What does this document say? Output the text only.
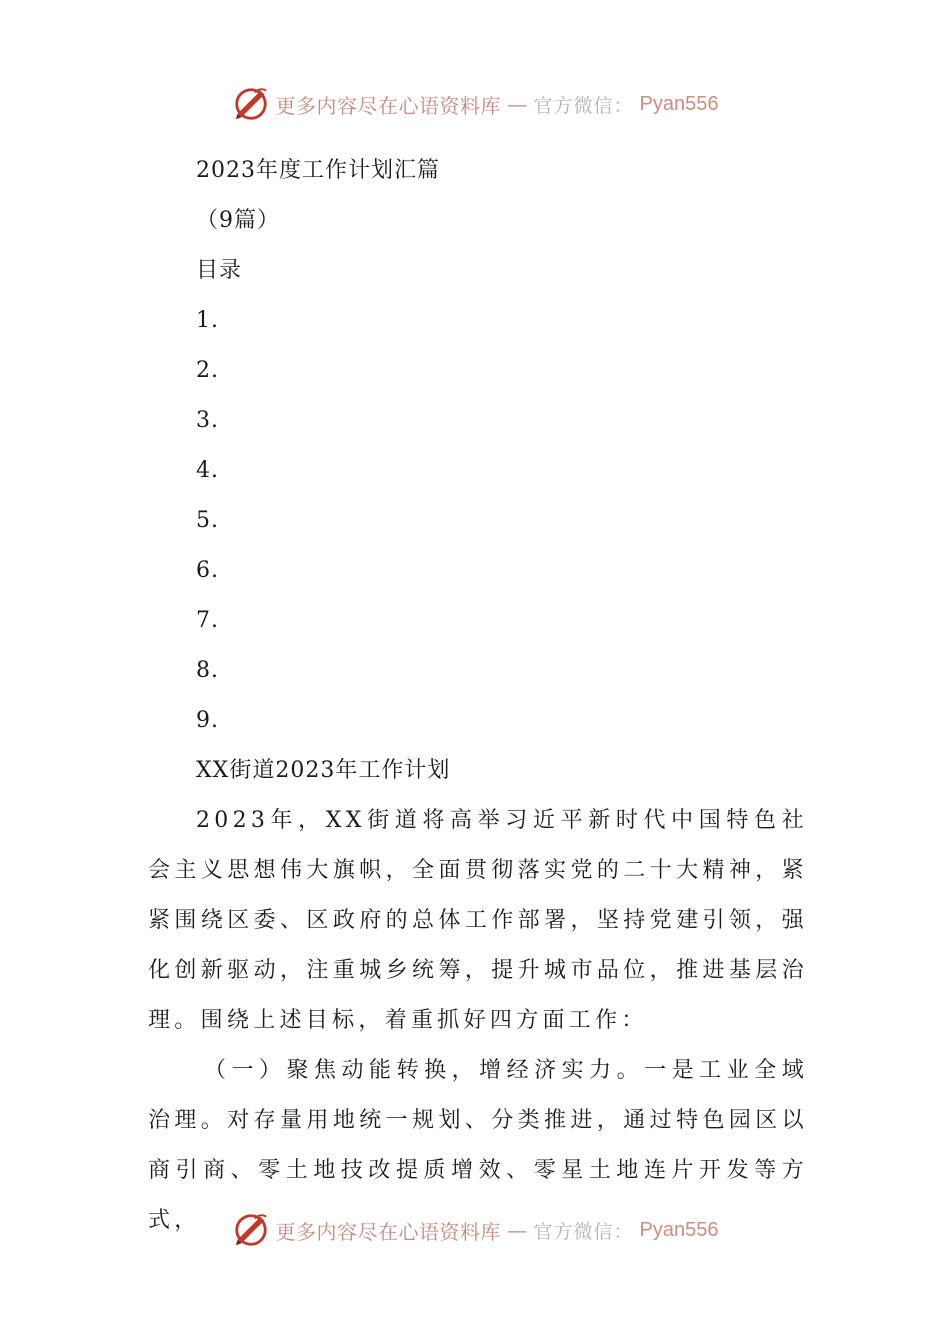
更多内容尽在心语资料库 — 官方微信： Pyan556
2023年度工作计划汇篇
（9篇）
目录
1.
2.
3.
4.
5.
6.
7.
8.
9.
XX街道2023年工作计划

2023年，XX街道将高举习近平新时代中国特色社会主义思想伟大旗帜，全面贯彻落实党的二十大精神，紧紧围绕区委、区政府的总体工作部署，坚持党建引领，强化创新驱动，注重城乡统筹，提升城市品位，推进基层治理。围绕上述目标，着重抓好四方面工作：

（一）聚焦动能转换，增经济实力。一是工业全域治理。对存量用地统一规划、分类推进，通过特色园区以商引商、零土地技改提质增效、零星土地连片开发等方式，	更多内容尽在心语资料库 — 官方微信： Pyan556
